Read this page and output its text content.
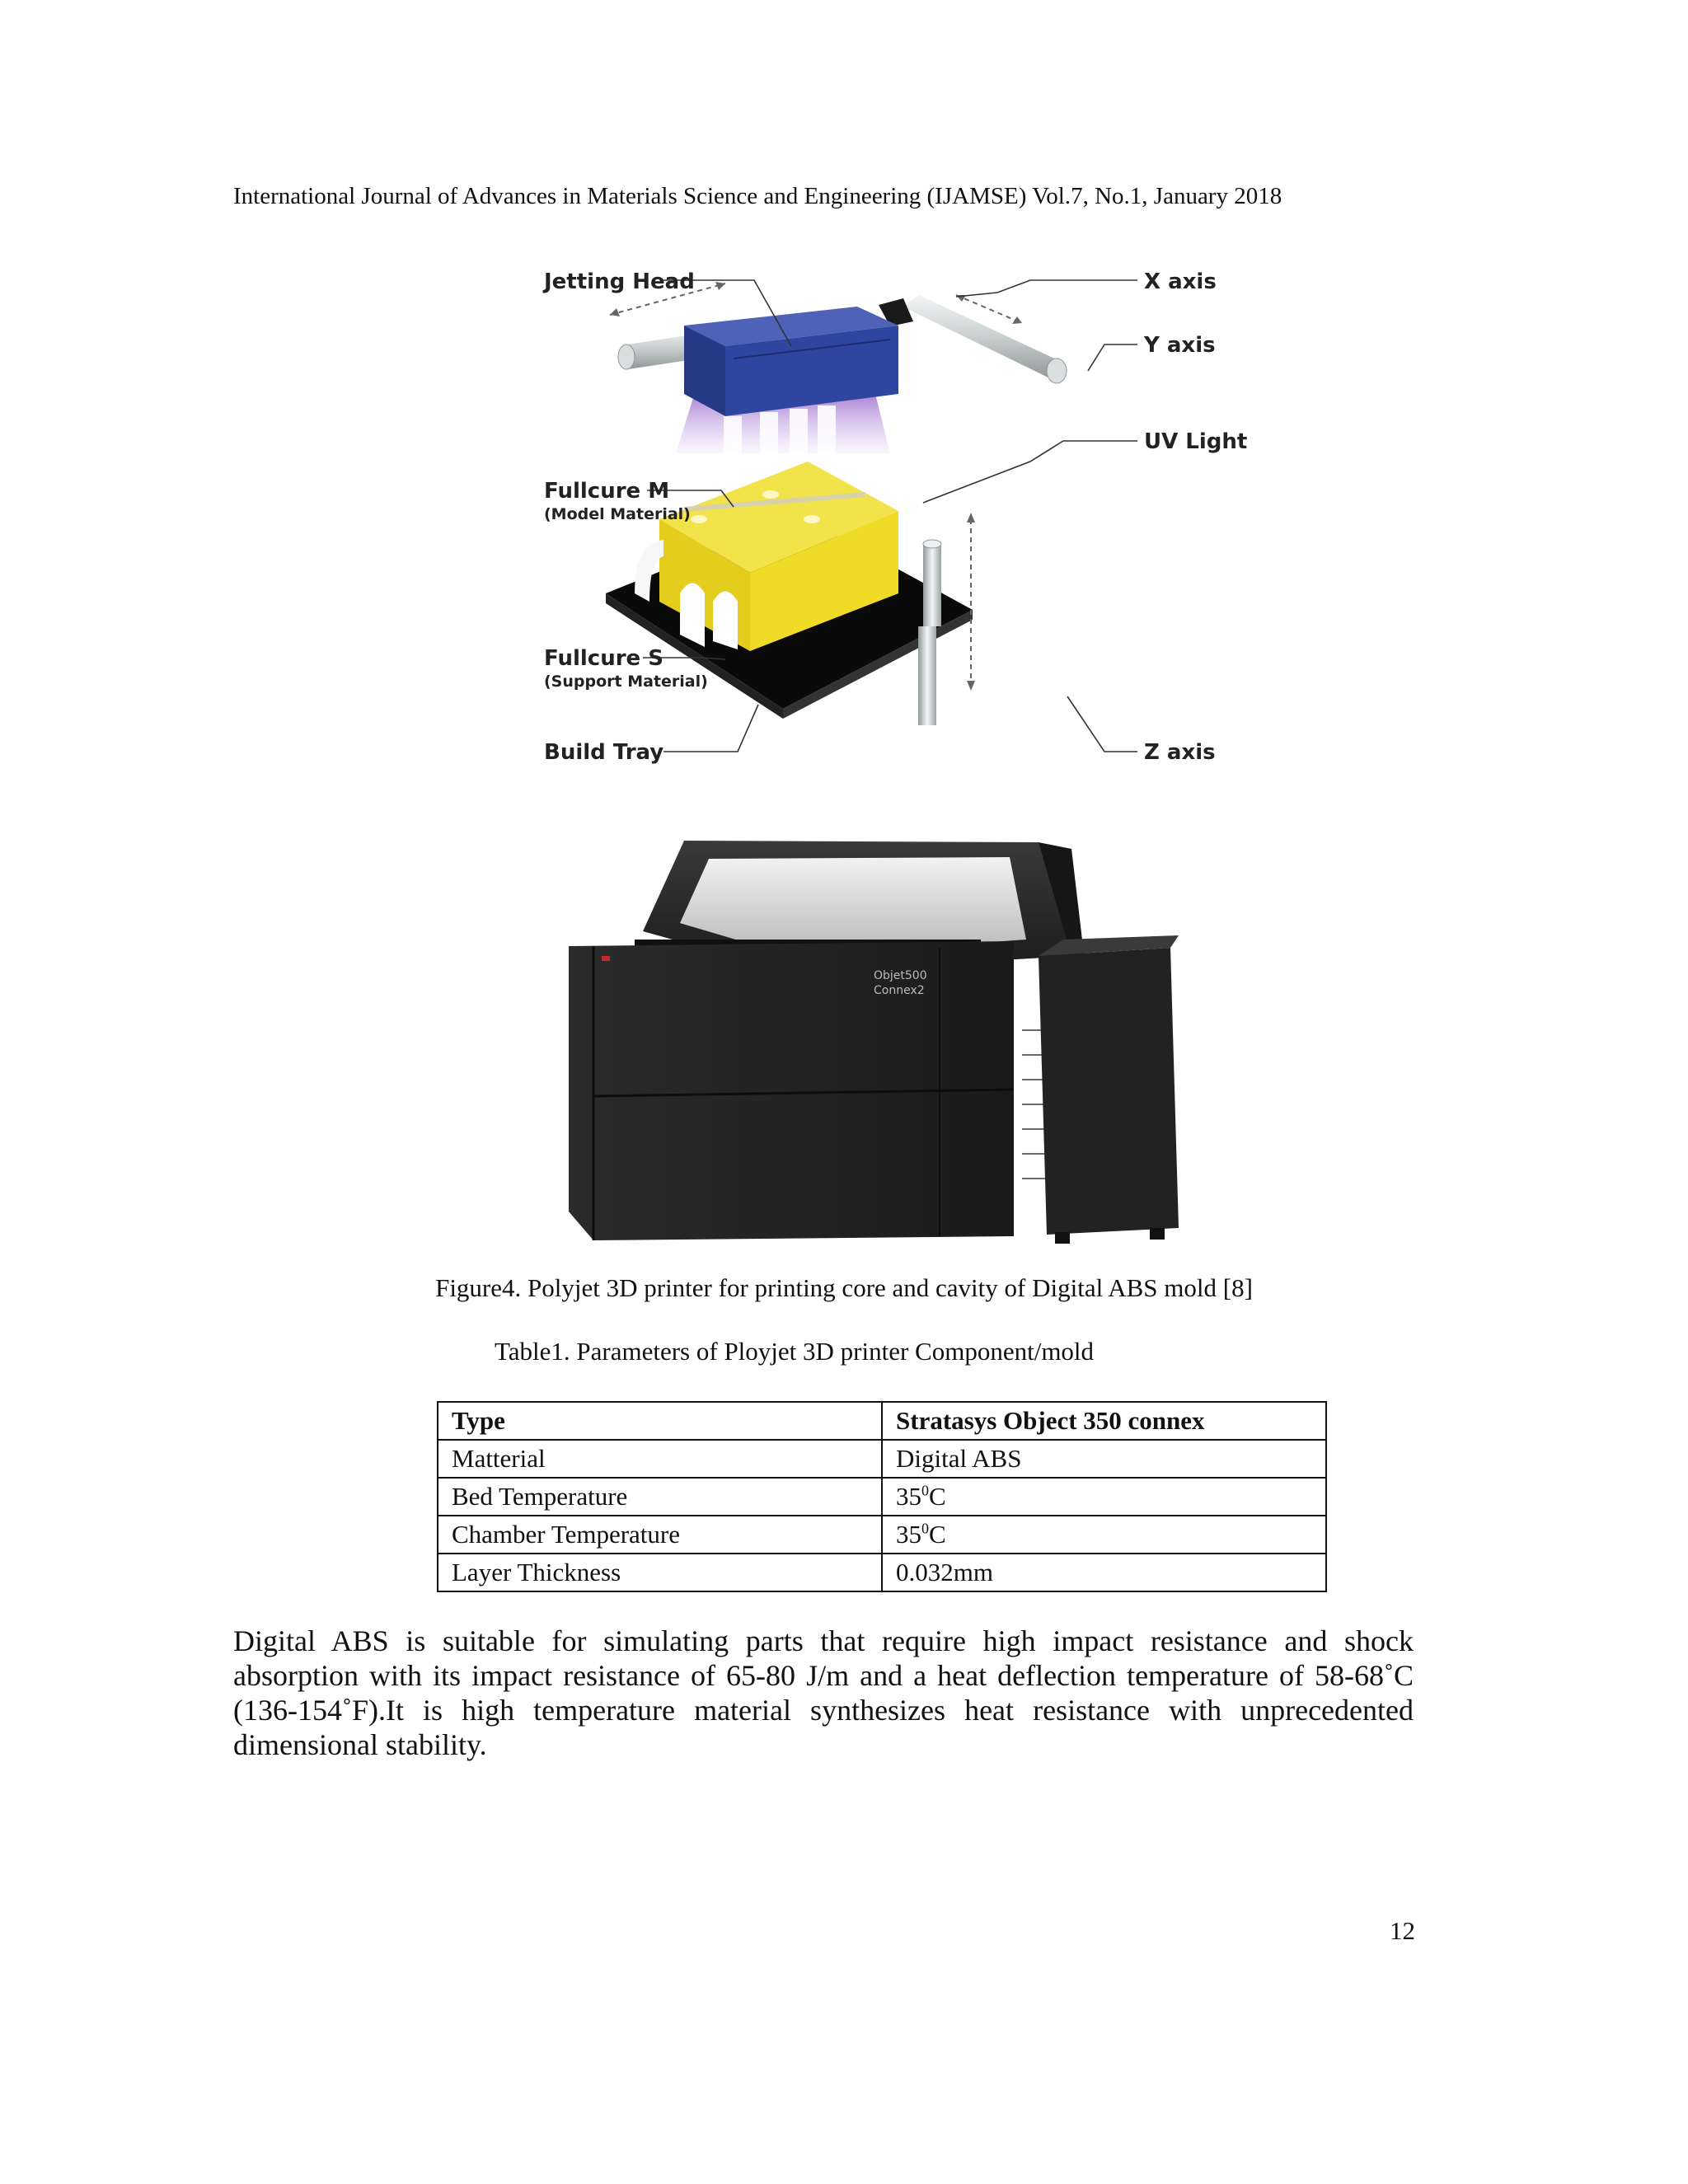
International Journal of Advances in Materials Science and Engineering (IJAMSE) Vol.7, No.1, January 2018
Jetting Head	X axis
Y axis
UV Light
Fullcure M
(Model Material)
Fullcure S
(Support Material)
Build Tray	Z axis
Objet500
Connex2
Figure4. Polyjet 3D printer for printing core and cavity of Digital ABS mold [8]
Table1. Parameters of Ployjet 3D printer Component/mold
Type	Stratasys Object 350 connex
Matterial	Digital ABS
Bed Temperature	$35^0C$
Chamber Temperature	$35^0C$
Layer Thickness	0.032mm
Digital ABS is suitable for simulating parts that require high impact resistance and shock absorption with its impact resistance of 65-80 J/m and a heat deflection temperature of 58-68˚C (136-154˚F).It is high temperature material synthesizes heat resistance with unprecedented dimensional stability.
12
